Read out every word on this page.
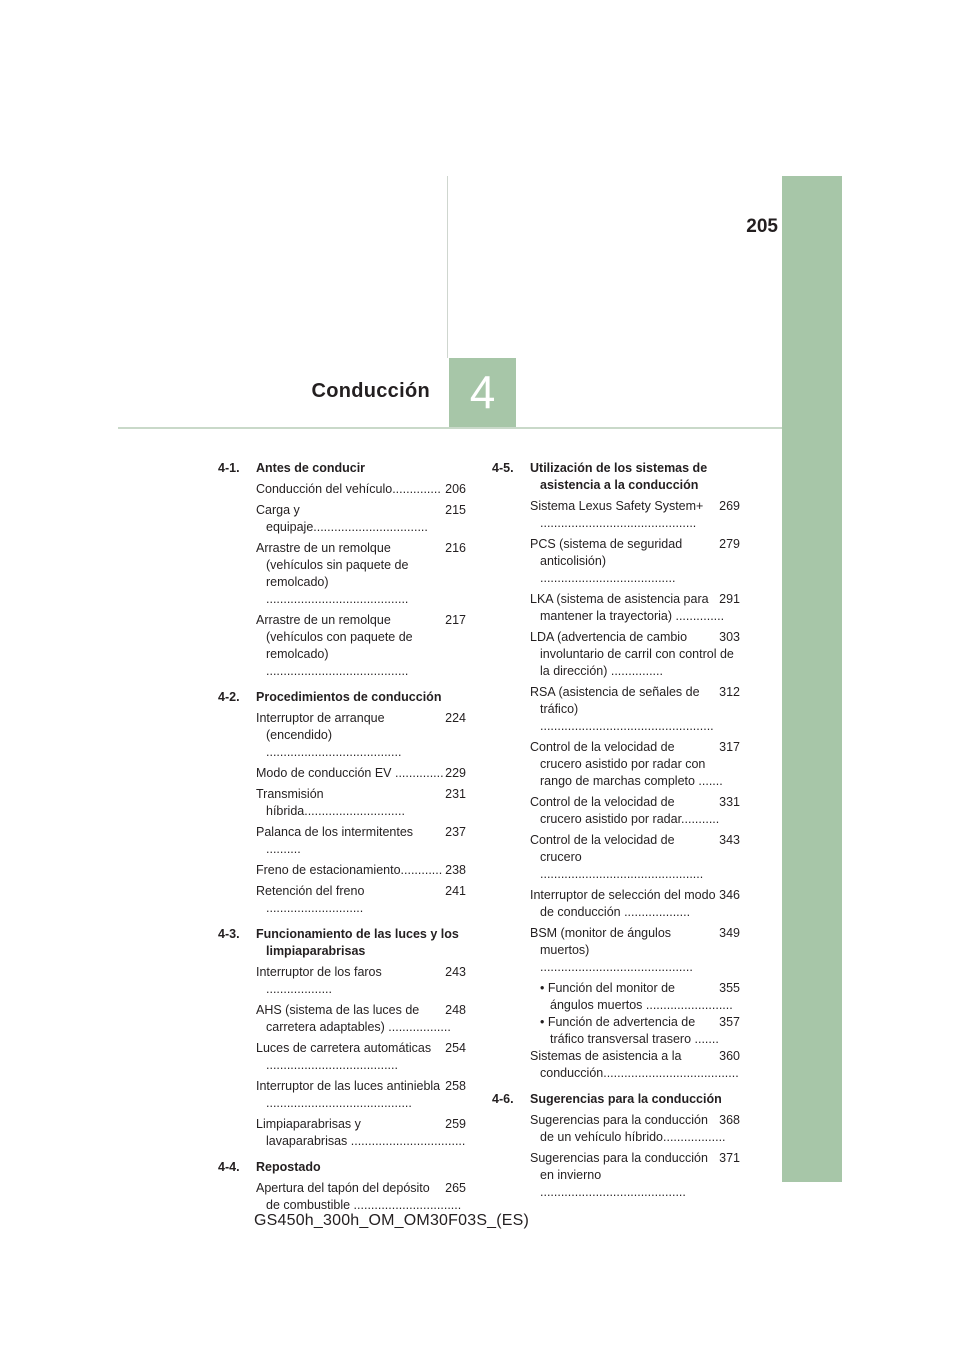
205
Conducción 4
4-1. Antes de conducir
206
Conducción del vehículo..............
215
Carga y equipaje.................................
216
Arrastre de un remolque (vehículos sin paquete de remolcado) .........................................
217
Arrastre de un remolque (vehículos con paquete de remolcado) .........................................
4-2. Procedimientos de conducción
224
Interruptor de arranque (encendido) .......................................
229
Modo de conducción EV ..............
231
Transmisión híbrida.............................
237
Palanca de los intermitentes ..........
238
Freno de estacionamiento............
241
Retención del freno ............................
4-3. Funcionamiento de las luces y los limpiaparabrisas
243
Interruptor de los faros ...................
248
AHS (sistema de las luces de carretera adaptables) ..................
254
Luces de carretera automáticas ......................................
258
Interruptor de las luces antiniebla ..........................................
259
Limpiaparabrisas y lavaparabrisas .................................
4-4. Repostado
265
Apertura del tapón del depósito de combustible ...............................
4-5. Utilización de los sistemas de asistencia a la conducción
269
Sistema Lexus Safety System+ .............................................
279
PCS (sistema de seguridad anticolisión) .......................................
291
LKA (sistema de asistencia para mantener la trayectoria) ..............
303
LDA (advertencia de cambio involuntario de carril con control de la dirección) ...............
312
RSA (asistencia de señales de tráfico) ..................................................
317
Control de la velocidad de crucero asistido por radar con rango de marchas completo .......
331
Control de la velocidad de crucero asistido por radar...........
343
Control de la velocidad de crucero ...............................................
346
Interruptor de selección del modo de conducción ...................
349
BSM (monitor de ángulos muertos) ............................................
355
• Función del monitor de ángulos muertos .........................
357
• Función de advertencia de tráfico transversal trasero .......
360
Sistemas de asistencia a la conducción.......................................
4-6. Sugerencias para la conducción
368
Sugerencias para la conducción de un vehículo híbrido..................
371
Sugerencias para la conducción en invierno ..........................................
GS450h_300h_OM_OM30F03S_(ES)
